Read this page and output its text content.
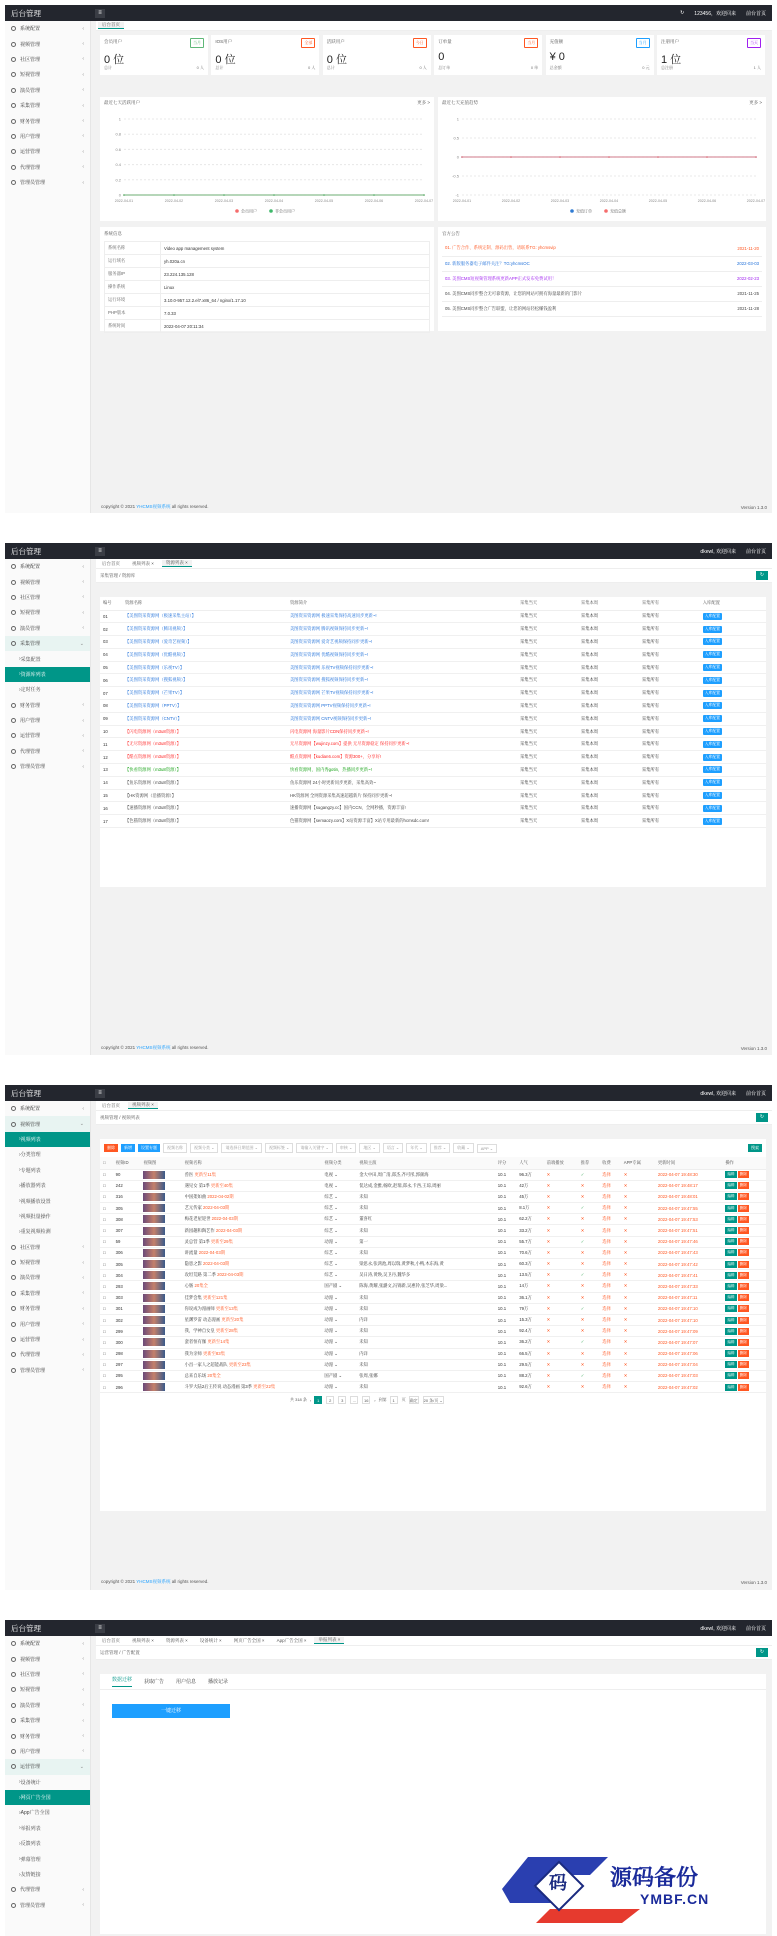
后台管理	≡	↻ 123456，欢迎回来 前台首页
系统配置	‹
视频管理	‹
社区管理	‹
短视管理	‹
演员管理	‹
采集管理	‹
财务管理	‹
用户管理	‹
运营管理	‹
代理管理	‹
管理员管理	‹
后台首页
会员用户	当月
0 位
总计	0 人
IOS用户	全部
0 位
总计	0 人
活跃用户	今日
0 位
总计	0 人
订单量	当月
0
总订单	0 单
充值额	当月
¥ 0
总金额	0 元
注册用户	当天
1 位
总注册	1 人
最近七天活跃用户	更多 >
1
0.8
0.6
0.4
0.2
0
2022-04-01	2022-04-02	2022-04-03	2022-04-04	2022-04-05	2022-04-06	2022-04-07
会员用户	非会员用户
最近七天充值趋势	更多 >
1
0.5
0
-0.5
-1
2022-04-01	2022-04-02	2022-04-03	2022-04-04	2022-04-05	2022-04-06	2022-04-07
充值订单	充值总额
系统信息
系统名称	Video app management system
运行域名	yh.020a.cn
服务器IP	23.224.135.128
操作系统	Linux
运行环境	3.10.0-957.12.2.el7.x86_64 / nginx/1.17.10
PHP版本	7.0.33
系统时间	2022-04-07 20:11:34
官方公告
01. 广告合作、系统定制、源码出售，请联系TG: yhcmsvip	2021-11-20
02. 新版服务器电子邮件关注？TG:yhcmsOC	2022-03-03
03. 美图CMS短视频管理系统更新APP正式发布免费试用！	2022-02-23
04. 美图CMS同步整合无可靠资源，让您的网站可拥有海量最新的门影片	2021-11-25
05. 美图CMS同步整合广告联盟，让您的网站轻松赚钱盈利	2021-11-28
copyright © 2021 YHCMS视频系统 all rights reserved.	Version 1.3.0
后台管理	≡	dkewl, 欢迎回来 前台首页
系统配置	‹
视频管理	‹
社区管理	‹
短视管理	‹
演员管理	‹
采集管理	⌄
› 采集配置
› 资源库列表
› 定时任务
财务管理	‹
用户管理	‹
运营管理	‹
代理管理	‹
管理员管理	‹
后台首页	视频列表 ×	资源列表 ×
采集管理 / 资源库	↻
编号	资源名称	资源简介	采集当天	采集本周	采集所有	入库配置
01	【美图资采资源网（极速采集主站）】	美图资采资源网 极速采集保持高速同步更新~!	采集当天	采集本周	采集所有	入库配置
02	【美图资采资源网（腾讯视频）】	美图资采资源网 腾讯视频保持同步更新~!	采集当天	采集本周	采集所有	入库配置
03	【美图资采资源网（爱奇艺视频）】	美图资采资源网 爱奇艺视频保持同步更新~!	采集当天	采集本周	采集所有	入库配置
04	【美图资采资源网（优酷视频）】	美图资采资源网 优酷视频保持同步更新~!	采集当天	采集本周	采集所有	入库配置
05	【美图资采资源网（乐视TV）】	美图资采资源网 乐视TV视频保持同步更新~!	采集当天	采集本周	采集所有	入库配置
06	【美图资采资源网（搜狐视频）】	美图资采资源网 搜狐视频保持同步更新~!	采集当天	采集本周	采集所有	入库配置
07	【美图资采资源网（芒果TV）】	美图资采资源网 芒果TV视频保持同步更新~!	采集当天	采集本周	采集所有	入库配置
08	【美图资采资源网（PPTV）】	美图资采资源网 PPTV视频保持同步更新~!	采集当天	采集本周	采集所有	入库配置
09	【美图资采资源网（CNTV）】	美图资采资源网 CNTV视频保持同步更新~!	采集当天	采集本周	采集所有	入库配置
10	【闪电资源网（m3u8资源）】	闪电资源网 海量影片CDN保持同步更新~!	采集当天	采集本周	采集所有	入库配置
11	【无尽资源网（m3u8资源）】	无尽资源网【wujinzy.com】提供 无尽资源稳定 保持同步更新~!	采集当天	采集本周	采集所有	入库配置
12	【酷点资源网（m3u8资源）】	酷点资源网【kudian6.com】资源300+，分享好!	采集当天	采集本周	采集所有	入库配置
13	【快看资源网（m3u8资源）】	快看资源网，国内秀gotin，热播同步更新~!	采集当天	采集本周	采集所有	入库配置
14	【鱼乐资源网（m3u8资源）】	鱼乐资源网 24小时更新同步更新，采集高效~	采集当天	采集本周	采集所有	入库配置
15	【HK资源网（沿播资源）】	HK资源网 全网资源采集高速超越新片 保持同步更新~!	采集当天	采集本周	采集所有	入库配置
16	【速播资源网（m3u8资源）】	速播资源网【sugangzy.cc】国内CCN，全网秒播，资源丰富!	采集当天	采集本周	采集所有	入库配置
17	【色猫资源网（m3u8资源）】	色猫资源网【semaozy.com】X站资源丰富】X站专用最新的hcmsdc.com!	采集当天	采集本周	采集所有	入库配置
copyright © 2021 YHCMS视频系统 all rights reserved.	Version 1.3.0
后台管理	≡	dkewl, 欢迎回来 前台首页
系统配置	‹
视频管理	⌄
› 视频列表
› 分类管理
› 专题列表
› 播放器列表
› 视频播放设置
› 视频批量操作
› 重复视频检测
社区管理	‹
短视管理	‹
演员管理	‹
采集管理	‹
财务管理	‹
用户管理	‹
运营管理	‹
代理管理	‹
管理员管理	‹
后台首页	视频列表 ×
视频管理 / 视频列表	↻
删除	新增	设置专题	视频名称	视频分类 ⌄	请选择日期范围 ⌄	视频标签 ⌄	请输入关键字 ⌄	审核 ⌄	地区 ⌄	语言 ⌄	年代 ⌄	推荐 ⌄	收藏 ⌄	APP ⌄	搜索
□	视频ID	视频图	视频名称	视频分类	视频主演	评分	人气	前端播放	推荐	收费	APP专属	更新时间	操作
□	90		兽医 更新至11集	电视 ⌄	金大中田,周广清,郑杰,齐可彤,郭颜海	10.1	96.3万	✕	✓	选择	✕	2022-04-07 19:48:30	编辑 删除
□	242		遇见女 第1季 更新至40集	电视 ⌄	侃达成,金雅,杨欧,赵瑞,郑永,卡西,王琼,周丽	10.1	42万	✕	✕	选择	✕	2022-04-07 19:48:17	编辑 删除
□	316		中国架如曲 2022-04-02期	综艺 ⌄	未知	10.1	45万	✕	✕	选择	✕	2022-04-07 19:48:01	编辑 删除
□	305		艺元传家 2022-04-03期	综艺 ⌄	未知	10.1	8.1万	✕	✓	选择	✕	2022-04-07 19:47:55	编辑 删除
□	308		梅花老屋迎世 2022-04-03期	综艺 ⌄	董喜红	10.1	62.2万	✕	✕	选择	✕	2022-04-07 19:47:53	编辑 删除
□	307		新园趣和陶艺作 2022-04-03期	综艺 ⌄	未知	10.1	33.2万	✕	✕	选择	✕	2022-04-07 19:47:51	编辑 删除
□	59		灵总营 第1季 更新至29集	动漫 ⌄	第一	10.1	55.7万	✕	✓	选择	✕	2022-04-07 19:47:46	编辑 删除
□	306		讲流量 2022-04-03期	综艺 ⌄	未知	10.1	70.6万	✕	✕	选择	✕	2022-04-07 19:47:43	编辑 删除
□	305		隐患之影 2022-04-03期	综艺 ⌄	梁思永,张鸿池,周以瑞,黄梦秋,小鸭,木东海,黄	10.1	60.3万	✕	✕	选择	✕	2022-04-07 19:47:42	编辑 删除
□	304		攻坦荒路 第二季 2022-04-03期	综艺 ⌄	吴日涛,黄焕,吴卫丹,魏华多	10.1	13.5万	✕	✓	选择	✕	2022-04-07 19:47:41	编辑 删除
□	293		心肠 20集全	国产剧 ⌄	陈海,黄耀,张潞文,冯锦新,吴惠铃,张芝华,周梁...	10.1	14万	✕	✕	选择	✕	2022-04-07 19:47:33	编辑 删除
□	303		佳梦会集 更新至121集	动漫 ⌄	未知	10.1	36.1万	✕	✕	选择	✕	2022-04-07 19:47:11	编辑 删除
□	301		你说成为漫画师 更新至13集	动漫 ⌄	未知	10.1	79万	✕	✓	选择	✕	2022-04-07 19:47:10	编辑 删除
□	302		星渊罗雷 动态漫画 更新至20集	动漫 ⌄	内详	10.1	15.3万	✕	✕	选择	✕	2022-04-07 19:47:10	编辑 删除
□	299		我，学神自女皇 更新至28集	动漫 ⌄	未知	10.1	92.4万	✕	✕	选择	✕	2022-04-07 19:47:09	编辑 删除
□	300		蛮者恒有伽 更新至14集	动漫 ⌄	未知	10.1	36.2万	✕	✓	选择	✕	2022-04-07 19:47:07	编辑 删除
□	298		我为亲师 更新至83集	动漫 ⌄	内详	10.1	66.5万	✕	✕	选择	✕	2022-04-07 19:47:06	编辑 删除
□	297		小昌一家人之超能战队 更新至23集	动漫 ⌄	未知	10.1	29.5万	✕	✕	选择	✕	2022-04-07 19:47:04	编辑 删除
□	295		总来自乐场 20集全	国产剧 ⌄	张周,张娜	10.1	88.2万	✕	✓	选择	✕	2022-04-07 19:47:03	编辑 删除
□	296		斗罗大陆2后王传说 动态漫画 第3季 更新至22集	动漫 ⌄	未知	10.1	92.6万	✕	✕	选择	✕	2022-04-07 19:47:02	编辑 删除
共 318 条 ‹	1	2	3	...	16	› 到第	1	页 确定 20 条/页 ⌄
copyright © 2021 YHCMS视频系统 all rights reserved.	Version 1.3.0
后台管理	≡	dkewl, 欢迎回来 前台首页
系统配置	‹
视频管理	‹
社区管理	‹
短视管理	‹
演员管理	‹
采集管理	‹
财务管理	‹
用户管理	‹
运营管理	⌄
› 设备统计
› 网页广告全国
› App广告全国
› 举报列表
› 反馈列表
› 弹幕管理
› 友情链接
代理管理	‹
管理员管理	‹
后台首页	视频列表 ×	资源列表 ×	设备统计 ×	网页广告全国 ×	App广告全国 ×	举报列表 ×
运营管理 / 广告配置	↻
数据迁移 获取广告 用户信息 播放记录
一键迁移
码 源码备份
YMBF.CN
